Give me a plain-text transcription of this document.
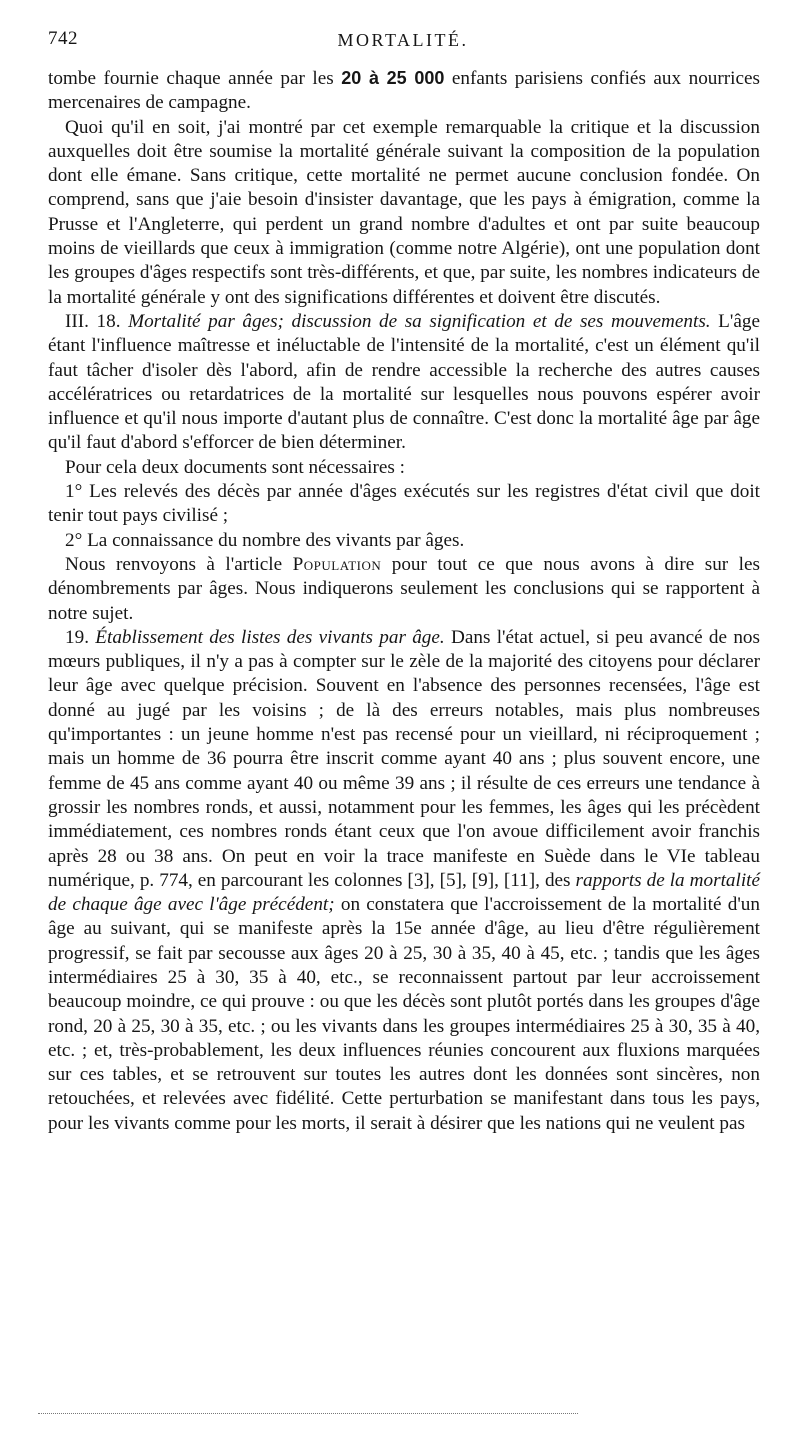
742	MORTALITÉ.

tombe fournie chaque année par les 20 à 25 000 enfants parisiens confiés aux nourrices mercenaires de campagne.

Quoi qu'il en soit, j'ai montré par cet exemple remarquable la critique et la discussion auxquelles doit être soumise la mortalité générale suivant la composition de la population dont elle émane. Sans critique, cette mortalité ne permet aucune conclusion fondée. On comprend, sans que j'aie besoin d'insister davantage, que les pays à émigration, comme la Prusse et l'Angleterre, qui perdent un grand nombre d'adultes et ont par suite beaucoup moins de vieillards que ceux à immigration (comme notre Algérie), ont une population dont les groupes d'âges respectifs sont très-différents, et que, par suite, les nombres indicateurs de la mortalité générale y ont des significations différentes et doivent être discutés.

III. 18. Mortalité par âges; discussion de sa signification et de ses mouvements. L'âge étant l'influence maîtresse et inéluctable de l'intensité de la mortalité, c'est un élément qu'il faut tâcher d'isoler dès l'abord, afin de rendre accessible la recherche des autres causes accélératrices ou retardatrices de la mortalité sur lesquelles nous pouvons espérer avoir influence et qu'il nous importe d'autant plus de connaître. C'est donc la mortalité âge par âge qu'il faut d'abord s'efforcer de bien déterminer.

Pour cela deux documents sont nécessaires :

1° Les relevés des décès par année d'âges exécutés sur les registres d'état civil que doit tenir tout pays civilisé ;

2° La connaissance du nombre des vivants par âges.

Nous renvoyons à l'article Population pour tout ce que nous avons à dire sur les dénombrements par âges. Nous indiquerons seulement les conclusions qui se rapportent à notre sujet.

19. Établissement des listes des vivants par âge. Dans l'état actuel, si peu avancé de nos mœurs publiques, il n'y a pas à compter sur le zèle de la majorité des citoyens pour déclarer leur âge avec quelque précision. Souvent en l'absence des personnes recensées, l'âge est donné au jugé par les voisins ; de là des erreurs notables, mais plus nombreuses qu'importantes : un jeune homme n'est pas recensé pour un vieillard, ni réciproquement ; mais un homme de 36 pourra être inscrit comme ayant 40 ans ; plus souvent encore, une femme de 45 ans comme ayant 40 ou même 39 ans ; il résulte de ces erreurs une tendance à grossir les nombres ronds, et aussi, notamment pour les femmes, les âges qui les précèdent immédiatement, ces nombres ronds étant ceux que l'on avoue difficilement avoir franchis après 28 ou 38 ans. On peut en voir la trace manifeste en Suède dans le VIe tableau numérique, p. 774, en parcourant les colonnes [3], [5], [9], [11], des rapports de la mortalité de chaque âge avec l'âge précédent; on constatera que l'accroissement de la mortalité d'un âge au suivant, qui se manifeste après la 15e année d'âge, au lieu d'être régulièrement progressif, se fait par secousse aux âges 20 à 25, 30 à 35, 40 à 45, etc. ; tandis que les âges intermédiaires 25 à 30, 35 à 40, etc., se reconnaissent partout par leur accroissement beaucoup moindre, ce qui prouve : ou que les décès sont plutôt portés dans les groupes d'âge rond, 20 à 25, 30 à 35, etc. ; ou les vivants dans les groupes intermédiaires 25 à 30, 35 à 40, etc. ; et, très-probablement, les deux influences réunies concourent aux fluxions marquées sur ces tables, et se retrouvent sur toutes les autres dont les données sont sincères, non retouchées, et relevées avec fidélité. Cette perturbation se manifestant dans tous les pays, pour les vivants comme pour les morts, il serait à désirer que les nations qui ne veulent pas
